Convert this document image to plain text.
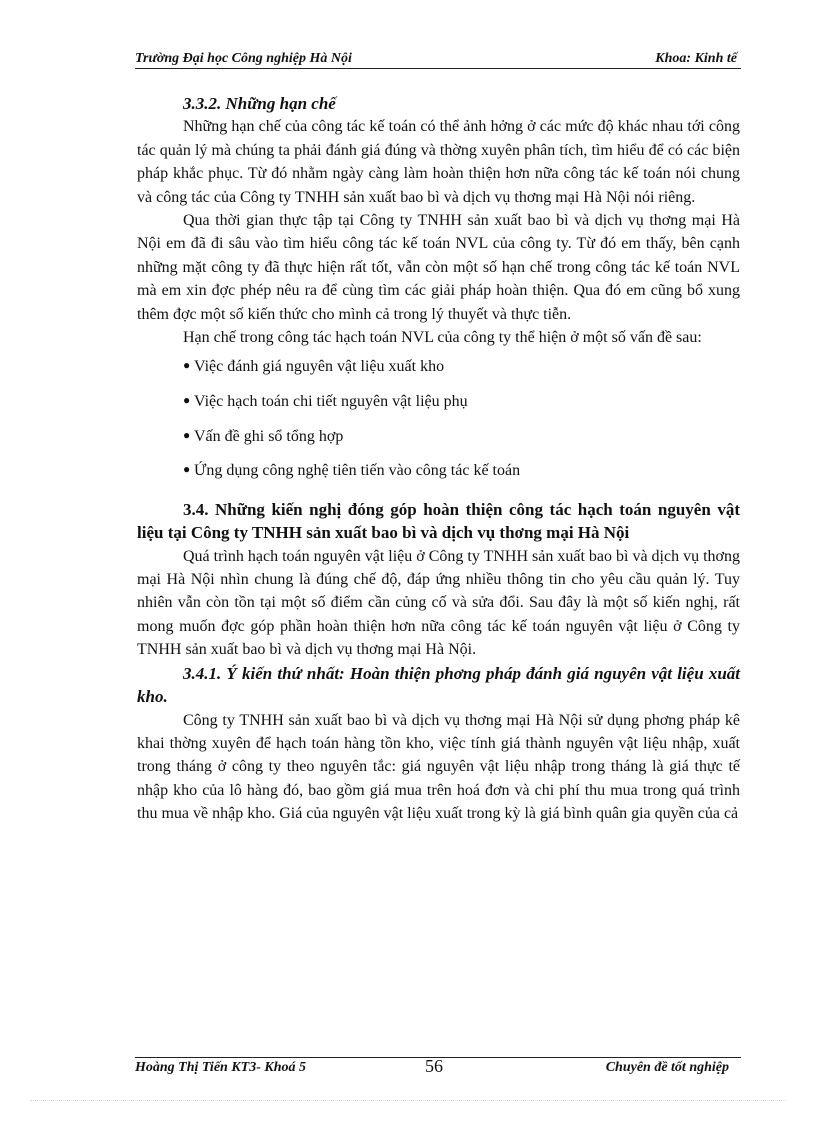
Trường Đại học Công nghiệp Hà Nội	Khoa: Kinh tế

3.3.2. Những hạn chế

Những hạn chế của công tác kế toán có thể ảnh hởng ở các mức độ khác nhau tới công tác quản lý mà chúng ta phải đánh giá đúng và thờng xuyên phân tích, tìm hiểu để có các biện pháp khắc phục. Từ đó nhằm ngày càng làm hoàn thiện hơn nữa công tác kế toán nói chung và công tác của Công ty TNHH sản xuất bao bì và dịch vụ thơng mại Hà Nội nói riêng.

Qua thời gian thực tập tại Công ty TNHH sản xuất bao bì và dịch vụ thơng mại Hà Nội em đã đi sâu vào tìm hiểu công tác kế toán NVL của công ty. Từ đó em thấy, bên cạnh những mặt công ty đã thực hiện rất tốt, vẫn còn một số hạn chế trong công tác kế toán NVL mà em xin đợc phép nêu ra để cùng tìm các giải pháp hoàn thiện. Qua đó em cũng bổ xung thêm đợc một số kiến thức cho mình cả trong lý thuyết và thực tiễn.

Hạn chế trong công tác hạch toán NVL của công ty thể hiện ở một số vấn đề sau:

● Việc đánh giá nguyên vật liệu xuất kho
● Việc hạch toán chi tiết nguyên vật liệu phụ
● Vấn đề ghi sổ tổng hợp
● Ứng dụng công nghệ tiên tiến vào công tác kế toán

3.4. Những kiến nghị đóng góp hoàn thiện công tác hạch toán nguyên vật liệu tại Công ty TNHH sản xuất bao bì và dịch vụ thơng mại Hà Nội

Quá trình hạch toán nguyên vật liệu ở Công ty TNHH sản xuất bao bì và dịch vụ thơng mại Hà Nội nhìn chung là đúng chế độ, đáp ứng nhiều thông tin cho yêu cầu quản lý. Tuy nhiên vẫn còn tồn tại một số điểm cần củng cố và sửa đổi. Sau đây là một số kiến nghị, rất mong muốn đợc góp phần hoàn thiện hơn nữa công tác kế toán nguyên vật liệu ở Công ty TNHH sản xuất bao bì và dịch vụ thơng mại Hà Nội.

3.4.1. Ý kiến thứ nhất: Hoàn thiện phơng pháp đánh giá nguyên vật liệu xuất kho.

Công ty TNHH sản xuất bao bì và dịch vụ thơng mại Hà Nội sử dụng phơng pháp kê khai thờng xuyên để hạch toán hàng tồn kho, việc tính giá thành nguyên vật liệu nhập, xuất trong tháng ở công ty theo nguyên tắc: giá nguyên vật liệu nhập trong tháng là giá thực tế nhập kho của lô hàng đó, bao gồm giá mua trên hoá đơn và chi phí thu mua trong quá trình thu mua về nhập kho. Giá của nguyên vật liệu xuất trong kỳ là giá bình quân gia quyền của cả

Hoàng Thị Tiến KT3- Khoá 5	56	Chuyên đề tốt nghiệp
